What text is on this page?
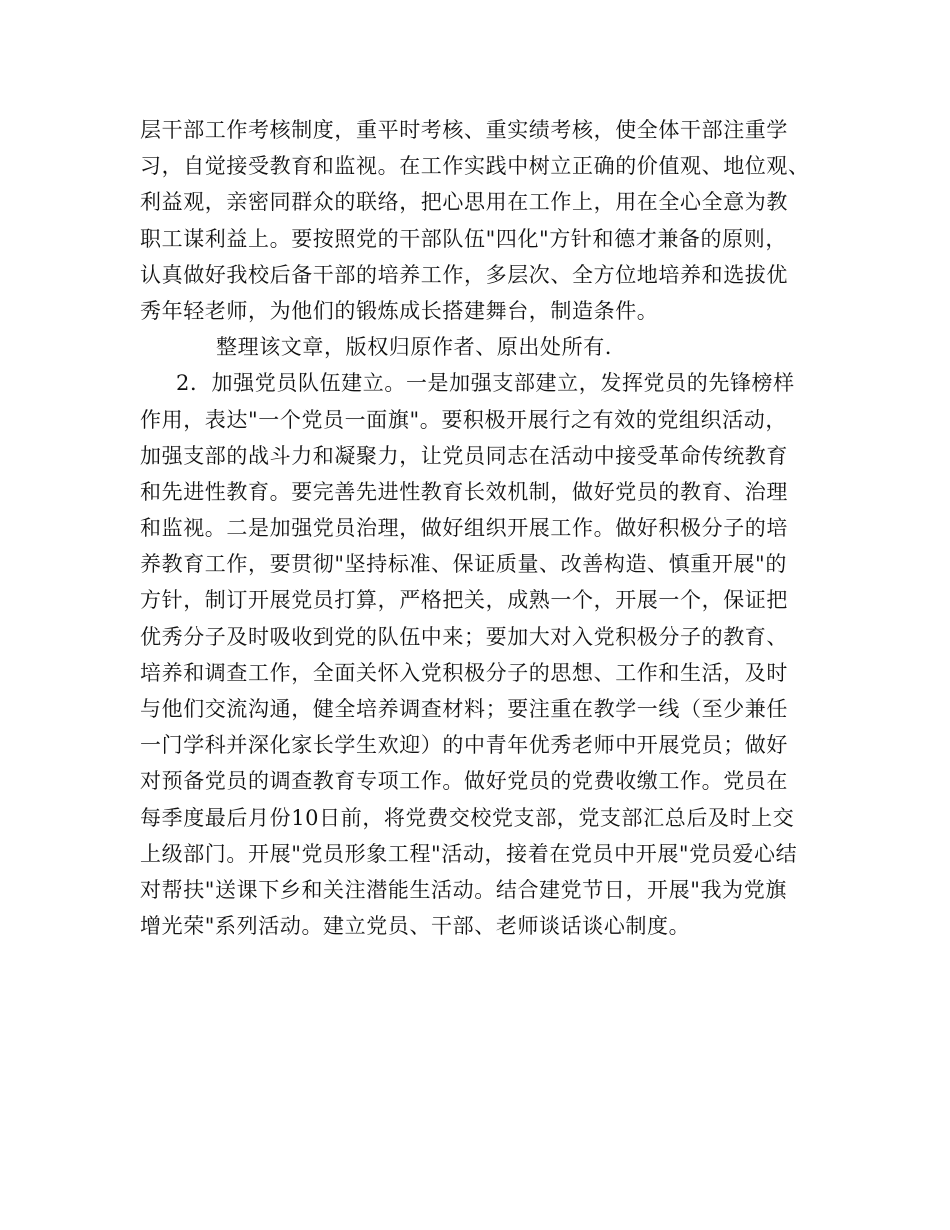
层干部工作考核制度，重平时考核、重实绩考核，使全体干部注重学
习，自觉接受教育和监视。在工作实践中树立正确的价值观、地位观、
利益观，亲密同群众的联络，把心思用在工作上，用在全心全意为教
职工谋利益上。要按照党的干部队伍"四化"方针和德才兼备的原则，
认真做好我校后备干部的培养工作，多层次、全方位地培养和选拔优
秀年轻老师，为他们的锻炼成长搭建舞台，制造条件。
整理该文章，版权归原作者、原出处所有.
2．加强党员队伍建立。一是加强支部建立，发挥党员的先锋榜样
作用，表达"一个党员一面旗"。要积极开展行之有效的党组织活动，
加强支部的战斗力和凝聚力，让党员同志在活动中接受革命传统教育
和先进性教育。要完善先进性教育长效机制，做好党员的教育、治理
和监视。二是加强党员治理，做好组织开展工作。做好积极分子的培
养教育工作，要贯彻"坚持标准、保证质量、改善构造、慎重开展"的
方针，制订开展党员打算，严格把关，成熟一个，开展一个，保证把
优秀分子及时吸收到党的队伍中来；要加大对入党积极分子的教育、
培养和调查工作，全面关怀入党积极分子的思想、工作和生活，及时
与他们交流沟通，健全培养调查材料；要注重在教学一线（至少兼任
一门学科并深化家长学生欢迎）的中青年优秀老师中开展党员；做好
对预备党员的调查教育专项工作。做好党员的党费收缴工作。党员在
每季度最后月份10日前，将党费交校党支部，党支部汇总后及时上交
上级部门。开展"党员形象工程"活动，接着在党员中开展"党员爱心结
对帮扶"送课下乡和关注潜能生活动。结合建党节日，开展"我为党旗
增光荣"系列活动。建立党员、干部、老师谈话谈心制度。
